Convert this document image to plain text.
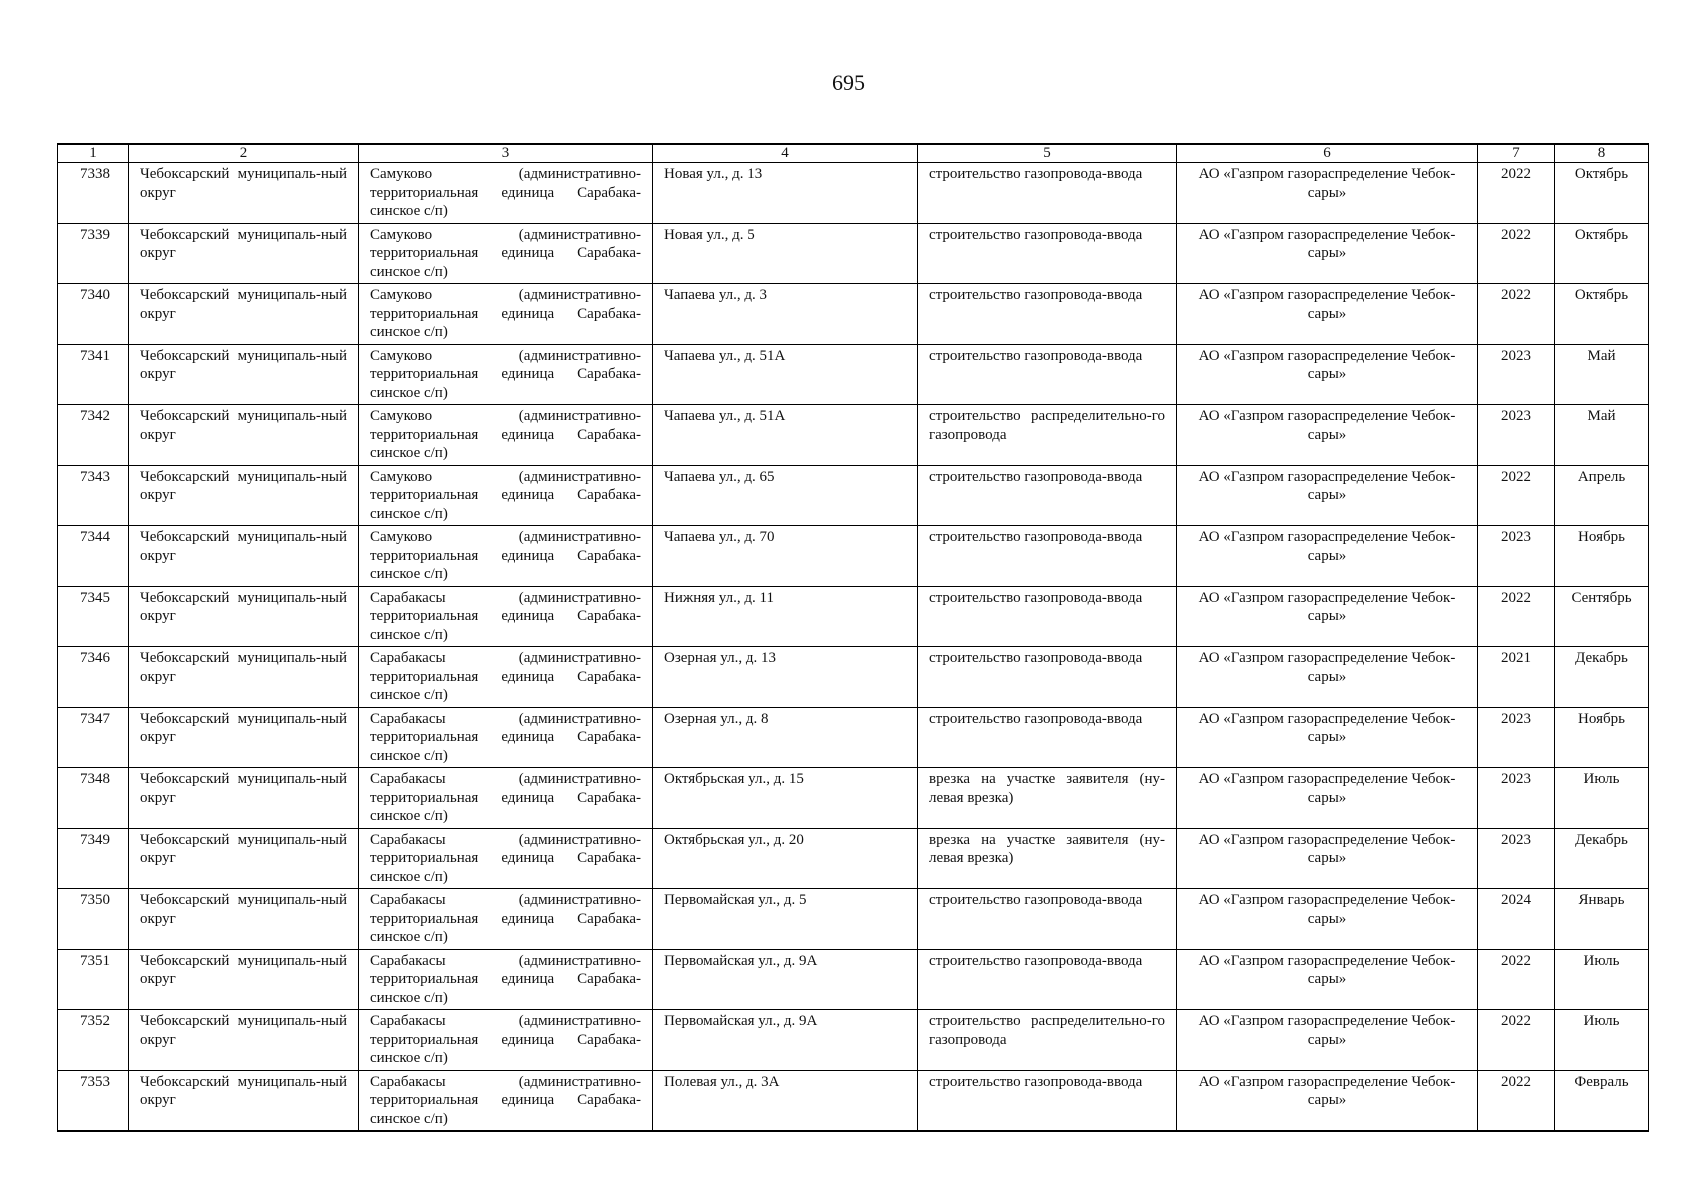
695
1	2	3	4	5	6	7	8
7338	Чебоксарский муниципаль-ный округ	Самуково (административно-территориальная единица Сарабака-синское с/п)	Новая ул., д. 13	строительство газопровода-ввода	АО «Газпром газораспределение Чебок-сары»	2022	Октябрь
7339	Чебоксарский муниципаль-ный округ	Самуково (административно-территориальная единица Сарабака-синское с/п)	Новая ул., д. 5	строительство газопровода-ввода	АО «Газпром газораспределение Чебок-сары»	2022	Октябрь
7340	Чебоксарский муниципаль-ный округ	Самуково (административно-территориальная единица Сарабака-синское с/п)	Чапаева ул., д. 3	строительство газопровода-ввода	АО «Газпром газораспределение Чебок-сары»	2022	Октябрь
7341	Чебоксарский муниципаль-ный округ	Самуково (административно-территориальная единица Сарабака-синское с/п)	Чапаева ул., д. 51А	строительство газопровода-ввода	АО «Газпром газораспределение Чебок-сары»	2023	Май
7342	Чебоксарский муниципаль-ный округ	Самуково (административно-территориальная единица Сарабака-синское с/п)	Чапаева ул., д. 51А	строительство распределительно-го газопровода	АО «Газпром газораспределение Чебок-сары»	2023	Май
7343	Чебоксарский муниципаль-ный округ	Самуково (административно-территориальная единица Сарабака-синское с/п)	Чапаева ул., д. 65	строительство газопровода-ввода	АО «Газпром газораспределение Чебок-сары»	2022	Апрель
7344	Чебоксарский муниципаль-ный округ	Самуково (административно-территориальная единица Сарабака-синское с/п)	Чапаева ул., д. 70	строительство газопровода-ввода	АО «Газпром газораспределение Чебок-сары»	2023	Ноябрь
7345	Чебоксарский муниципаль-ный округ	Сарабакасы (административно-территориальная единица Сарабака-синское с/п)	Нижняя ул., д. 11	строительство газопровода-ввода	АО «Газпром газораспределение Чебок-сары»	2022	Сентябрь
7346	Чебоксарский муниципаль-ный округ	Сарабакасы (административно-территориальная единица Сарабака-синское с/п)	Озерная ул., д. 13	строительство газопровода-ввода	АО «Газпром газораспределение Чебок-сары»	2021	Декабрь
7347	Чебоксарский муниципаль-ный округ	Сарабакасы (административно-территориальная единица Сарабака-синское с/п)	Озерная ул., д. 8	строительство газопровода-ввода	АО «Газпром газораспределение Чебок-сары»	2023	Ноябрь
7348	Чебоксарский муниципаль-ный округ	Сарабакасы (административно-территориальная единица Сарабака-синское с/п)	Октябрьская ул., д. 15	врезка на участке заявителя (ну-левая врезка)	АО «Газпром газораспределение Чебок-сары»	2023	Июль
7349	Чебоксарский муниципаль-ный округ	Сарабакасы (административно-территориальная единица Сарабака-синское с/п)	Октябрьская ул., д. 20	врезка на участке заявителя (ну-левая врезка)	АО «Газпром газораспределение Чебок-сары»	2023	Декабрь
7350	Чебоксарский муниципаль-ный округ	Сарабакасы (административно-территориальная единица Сарабака-синское с/п)	Первомайская ул., д. 5	строительство газопровода-ввода	АО «Газпром газораспределение Чебок-сары»	2024	Январь
7351	Чебоксарский муниципаль-ный округ	Сарабакасы (административно-территориальная единица Сарабака-синское с/п)	Первомайская ул., д. 9А	строительство газопровода-ввода	АО «Газпром газораспределение Чебок-сары»	2022	Июль
7352	Чебоксарский муниципаль-ный округ	Сарабакасы (административно-территориальная единица Сарабака-синское с/п)	Первомайская ул., д. 9А	строительство распределительно-го газопровода	АО «Газпром газораспределение Чебок-сары»	2022	Июль
7353	Чебоксарский муниципаль-ный округ	Сарабакасы (административно-территориальная единица Сарабака-синское с/п)	Полевая ул., д. 3А	строительство газопровода-ввода	АО «Газпром газораспределение Чебок-сары»	2022	Февраль
